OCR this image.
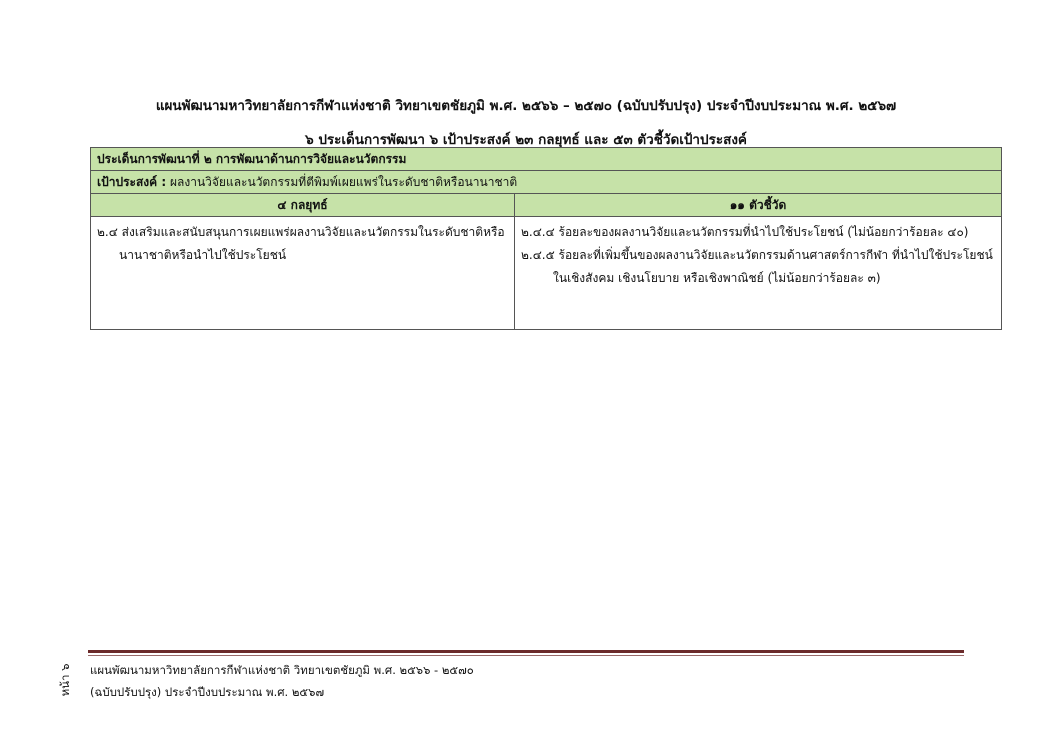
แผนพัฒนามหาวิทยาลัยการกีฬาแห่งชาติ วิทยาเขตชัยภูมิ พ.ศ. ๒๕๖๖ – ๒๕๗๐ (ฉบับปรับปรุง) ประจำปีงบประมาณ พ.ศ. ๒๕๖๗
๖ ประเด็นการพัฒนา ๖ เป้าประสงค์ ๒๓ กลยุทธ์ และ ๕๓ ตัวชี้วัดเป้าประสงค์
ประเด็นการพัฒนาที่ ๒ การพัฒนาด้านการวิจัยและนวัตกรรม	
เป้าประสงค์ : ผลงานวิจัยและนวัตกรรมที่ตีพิมพ์เผยแพร่ในระดับชาติหรือนานาชาติ	
๔ กลยุทธ์	๑๑ ตัวชี้วัด

๒.๔ ส่งเสริมและสนับสนุนการเผยแพร่ผลงานวิจัยและนวัตกรรมในระดับชาติหรือนานาชาติหรือนำไปใช้ประโยชน์	๒.๔.๔ ร้อยละของผลงานวิจัยและนวัตกรรมที่นำไปใช้ประโยชน์ (ไม่น้อยกว่าร้อยละ ๔๐)

๒.๔.๕ ร้อยละที่เพิ่มขึ้นของผลงานวิจัยและนวัตกรรมด้านศาสตร์การกีฬา ที่นำไปใช้ประโยชน์ในเชิงสังคม เชิงนโยบาย หรือเชิงพาณิชย์ (ไม่น้อยกว่าร้อยละ ๓)

แผนพัฒนามหาวิทยาลัยการกีฬาแห่งชาติ วิทยาเขตชัยภูมิ พ.ศ. ๒๕๖๖ - ๒๕๗๐
(ฉบับปรับปรุง) ประจำปีงบประมาณ พ.ศ. ๒๕๖๗
หน้า ๖
